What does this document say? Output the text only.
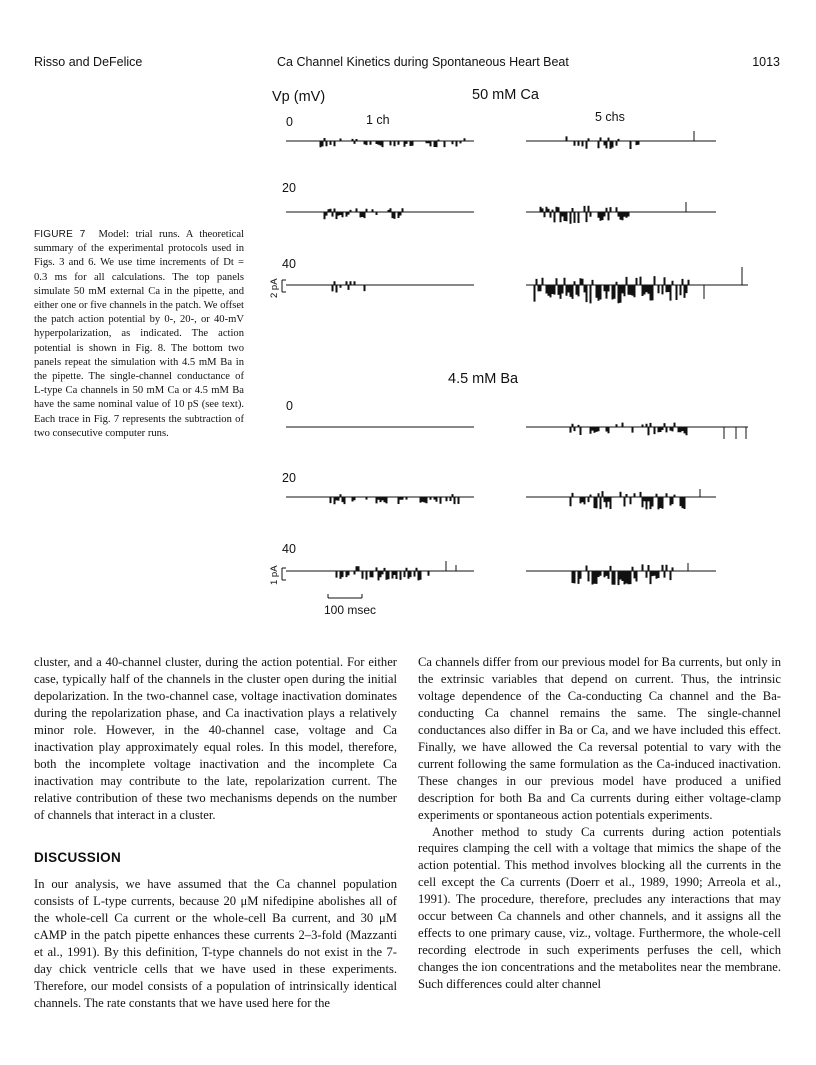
Risso and DeFelice	Ca Channel Kinetics during Spontaneous Heart Beat	1013
Vp (mV)	50 mM Ca
4.5 mM Ba
1 ch	5 chs
0
20
40
0
20
40
2 pA
1 pA
100 msec

FIGURE 7 Model: trial runs. A theoretical summary of the experimental protocols used in Figs. 3 and 6. We use time increments of Dt = 0.3 ms for all calculations. The top panels simulate 50 mM external Ca in the pipette, and either one or five channels in the patch. We offset the patch action potential by 0-, 20-, or 40-mV hyperpolarization, as indicated. The action potential is shown in Fig. 8. The bottom two panels repeat the simulation with 4.5 mM Ba in the pipette. The single-channel conductance of L-type Ca channels in 50 mM Ca or 4.5 mM Ba have the same nominal value of 10 pS (see text). Each trace in Fig. 7 represents the subtraction of two consecutive computer runs.

cluster, and a 40-channel cluster, during the action potential. For either case, typically half of the channels in the cluster open during the initial depolarization. In the two-channel case, voltage inactivation dominates during the repolarization phase, and Ca inactivation plays a relatively minor role. However, in the 40-channel case, voltage and Ca inactivation play approximately equal roles. In this model, therefore, both the incomplete voltage inactivation and the incomplete Ca inactivation may contribute to the late, repolarization current. The relative contribution of these two mechanisms depends on the number of channels that interact in a cluster.

DISCUSSION

In our analysis, we have assumed that the Ca channel population consists of L-type currents, because 20 μM nifedipine abolishes all of the whole-cell Ca current or the whole-cell Ba current, and 30 μM cAMP in the patch pipette enhances these currents 2–3-fold (Mazzanti et al., 1991). By this definition, T-type channels do not exist in the 7-day chick ventricle cells that we have used in these experiments. Therefore, our model consists of a population of intrinsically identical channels. The rate constants that we have used here for the

Ca channels differ from our previous model for Ba currents, but only in the extrinsic variables that depend on current. Thus, the intrinsic voltage dependence of the Ca-conducting Ca channel and the Ba-conducting Ca channel remains the same. The single-channel conductances also differ in Ba or Ca, and we have included this effect. Finally, we have allowed the Ca reversal potential to vary with the current following the same formulation as the Ca-induced inactivation. These changes in our previous model have produced a unified description for both Ba and Ca currents during either voltage-clamp experiments or spontaneous action potentials experiments.

Another method to study Ca currents during action potentials requires clamping the cell with a voltage that mimics the shape of the action potential. This method involves blocking all the currents in the cell except the Ca currents (Doerr et al., 1989, 1990; Arreola et al., 1991). The procedure, therefore, precludes any interactions that may occur between Ca channels and other channels, and it assigns all the effects to one primary cause, viz., voltage. Furthermore, the whole-cell recording electrode in such experiments perfuses the cell, which changes the ion concentrations and the metabolites near the membrane. Such differences could alter channel
